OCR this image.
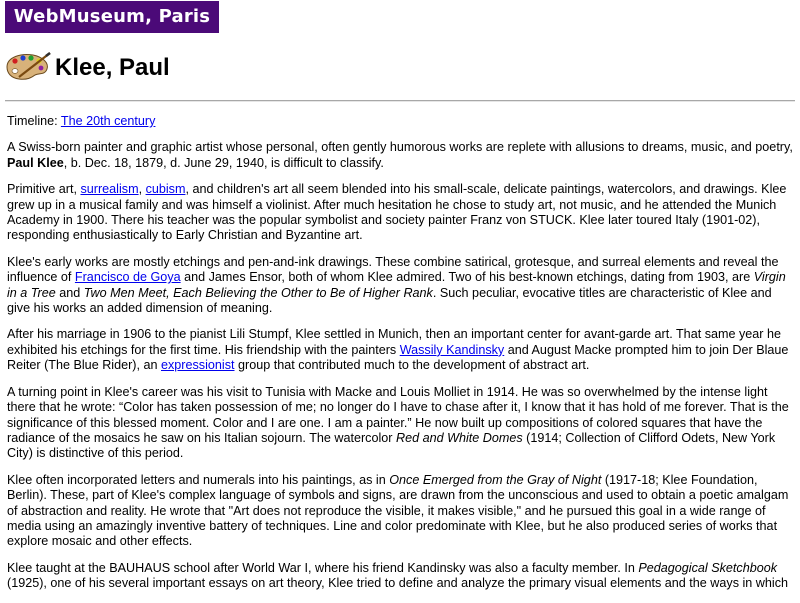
WebMuseum, Paris
Klee, Paul

Timeline: The 20th century

A Swiss-born painter and graphic artist whose personal, often gently humorous works are replete with allusions to dreams, music, and poetry, Paul Klee, b. Dec. 18, 1879, d. June 29, 1940, is difficult to classify.

Primitive art, surrealism, cubism, and children's art all seem blended into his small-scale, delicate paintings, watercolors, and drawings. Klee grew up in a musical family and was himself a violinist. After much hesitation he chose to study art, not music, and he attended the Munich Academy in 1900. There his teacher was the popular symbolist and society painter Franz von STUCK. Klee later toured Italy (1901-02), responding enthusiastically to Early Christian and Byzantine art.

Klee's early works are mostly etchings and pen-and-ink drawings. These combine satirical, grotesque, and surreal elements and reveal the influence of Francisco de Goya and James Ensor, both of whom Klee admired. Two of his best-known etchings, dating from 1903, are Virgin in a Tree and Two Men Meet, Each Believing the Other to Be of Higher Rank. Such peculiar, evocative titles are characteristic of Klee and give his works an added dimension of meaning.

After his marriage in 1906 to the pianist Lili Stumpf, Klee settled in Munich, then an important center for avant-garde art. That same year he exhibited his etchings for the first time. His friendship with the painters Wassily Kandinsky and August Macke prompted him to join Der Blaue Reiter (The Blue Rider), an expressionist group that contributed much to the development of abstract art.

A turning point in Klee's career was his visit to Tunisia with Macke and Louis Molliet in 1914. He was so overwhelmed by the intense light there that he wrote: “Color has taken possession of me; no longer do I have to chase after it, I know that it has hold of me forever. That is the significance of this blessed moment. Color and I are one. I am a painter.” He now built up compositions of colored squares that have the radiance of the mosaics he saw on his Italian sojourn. The watercolor Red and White Domes (1914; Collection of Clifford Odets, New York City) is distinctive of this period.

Klee often incorporated letters and numerals into his paintings, as in Once Emerged from the Gray of Night (1917-18; Klee Foundation, Berlin). These, part of Klee's complex language of symbols and signs, are drawn from the unconscious and used to obtain a poetic amalgam of abstraction and reality. He wrote that "Art does not reproduce the visible, it makes visible," and he pursued this goal in a wide range of media using an amazingly inventive battery of techniques. Line and color predominate with Klee, but he also produced series of works that explore mosaic and other effects.

Klee taught at the BAUHAUS school after World War I, where his friend Kandinsky was also a faculty member. In Pedagogical Sketchbook (1925), one of his several important essays on art theory, Klee tried to define and analyze the primary visual elements and the ways in which
